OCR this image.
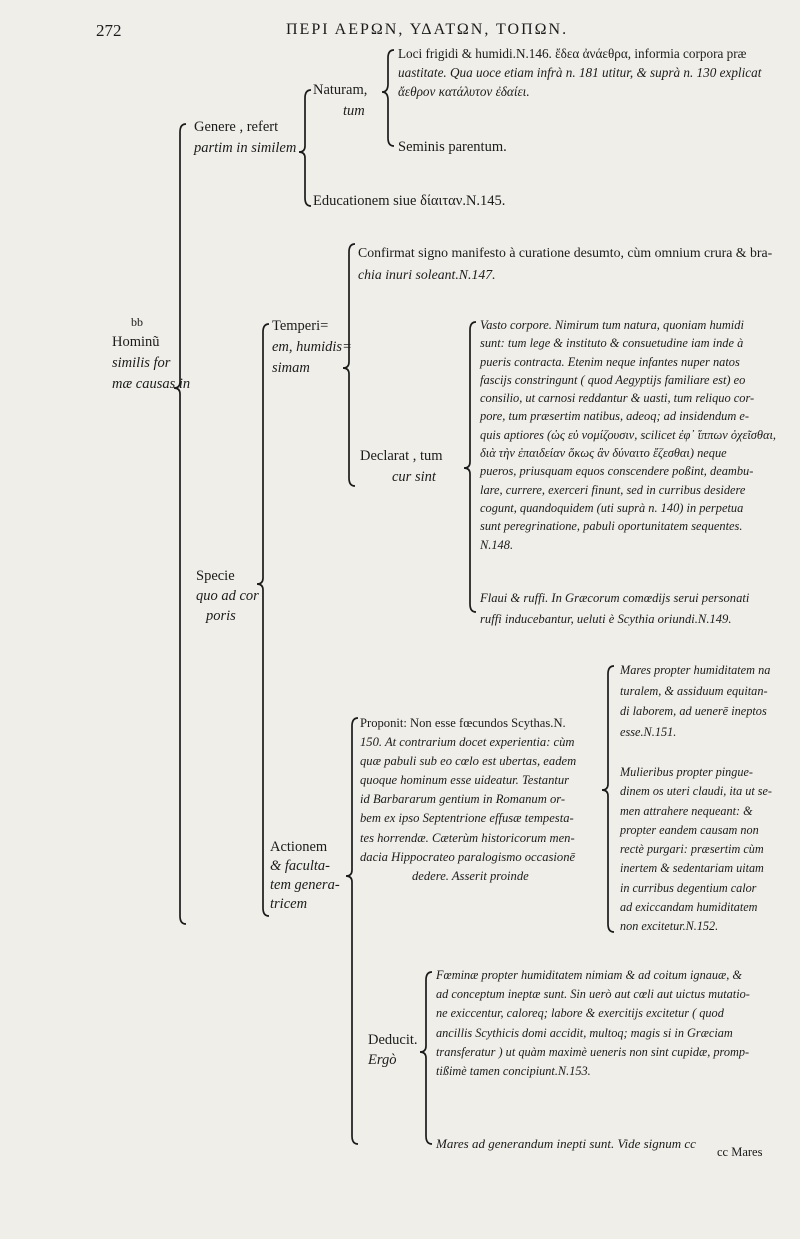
272	ΠΕΡΙ ΑΕΡΩΝ, ΥΔΑΤΩΝ, ΤΟΠΩΝ.
bb
Hominũ
similis for
mæ causas in
Genere , refert
partim in similem
Naturam,
tum
Loci frigidi & humidi.N.146. ἔδεα ἀνάεθρα, informia corpora præ
uastitate. Qua uoce etiam infrà n. 181 utitur, & suprà n. 130 explicat
ἄεθρον κατάλυτον ἐδαίει.
Seminis parentum.
Educationem siue δίαιταν.N.145.
Specie
quo ad cor
poris
Temperi=
em, humidis=
simam
Confirmat signo manifesto à curatione desumto, cùm omnium crura & bra-
chia inuri soleant.N.147.
Declarat , tum
cur sint
Vasto corpore. Nimirum tum natura, quoniam humidi
sunt: tum lege & instituto & consuetudine iam inde à
pueris contracta. Etenim neque infantes nuper natos
fascijs constringunt ( quod Aegyptijs familiare est) eo
consilio, ut carnosi reddantur & uasti, tum reliquo cor-
pore, tum præsertim natibus, adeoq; ad insidendum e-
quis aptiores (ὡς εὐ νομίζουσιν, scilicet ἐφ᾽ ἵππων ὀχεῖσθαι,
διὰ τὴν ἐπαιδείαν ὅκως ἂν δύναιτο ἔζεσθαι) neque
pueros, priusquam equos conscendere poßint, deambu-
lare, currere, exerceri finunt, sed in curribus desidere
cogunt, quandoquidem (uti suprà n. 140) in perpetua
sunt peregrinatione, pabuli oportunitatem sequentes.
N.148.
Flaui & ruffi. In Græcorum comœdijs serui personati
ruffi inducebantur, ueluti è Scythia oriundi.N.149.
Actionem
& faculta-
tem genera-
tricem
Proponit: Non esse fœcundos Scythas.N.
150. At contrarium docet experientia: cùm
quæ pabuli sub eo cœlo est ubertas, eadem
quoque hominum esse uideatur. Testantur
id Barbararum gentium in Romanum or-
bem ex ipso Septentrione effusæ tempesta-
tes horrendæ. Cæterùm historicorum men-
dacia Hippocrateo paralogismo occasionē
dedere. Asserit proinde
Mares propter humiditatem na
turalem, & assiduum equitan-
di laborem, ad uenerē ineptos
esse.N.151.
Mulieribus propter pingue-
dinem os uteri claudi, ita ut se-
men attrahere nequeant: &
propter eandem causam non
rectè purgari: præsertim cùm
inertem & sedentariam uitam
in curribus degentium calor
ad exiccandam humiditatem
non excitetur.N.152.
Deducit.
Ergò
Fœminæ propter humiditatem nimiam & ad coitum ignauæ, &
ad conceptum ineptæ sunt. Sin uerò aut cœli aut uictus mutatio-
ne exiccentur, caloreq; labore & exercitijs excitetur ( quod
ancillis Scythicis domi accidit, multoq; magis si in Græciam
transferatur ) ut quàm maximè ueneris non sint cupidæ, promp-
tißimè tamen concipiunt.N.153.
Mares ad generandum inepti sunt. Vide signum cc
cc Mares
